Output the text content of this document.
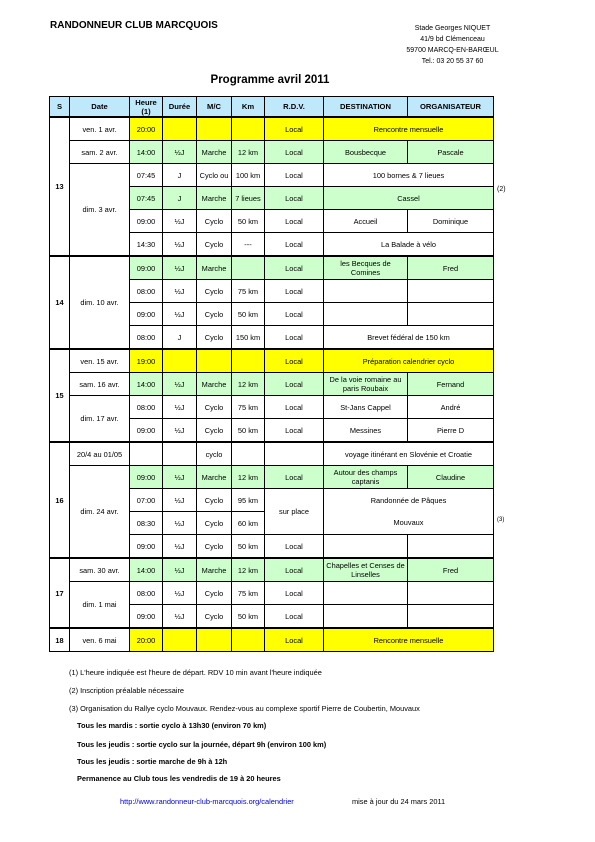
RANDONNEUR CLUB MARCQUOIS	Stade Georges NIQUET
41/9 bd Clémenceau
59700 MARCQ-EN-BARŒUL
Tel.: 03 20 55 37 60
Programme avril 2011
S	Date	Heure (1)	Durée	M/C	Km	R.D.V.	DESTINATION	ORGANISATEUR
13	ven. 1 avr.	20:00				Local	Rencontre mensuelle	
	sam. 2 avr.	14:00	½J	Marche	12 km	Local	Bousbecque	Pascale
	dim. 3 avr.	07:45	J	Cyclo ou	100 km	Local	100 bornes & 7 lieues	
		07:45	J	Marche	7 lieues	Local	Cassel	
		09:00	½J	Cyclo	50 km	Local	Accueil	Dominique
		14:30	½J	Cyclo	---	Local	La Balade à vélo	
14	dim. 10 avr.	09:00	½J	Marche		Local	les Becques de Comines	Fred
		08:00	½J	Cyclo	75 km	Local		
		09:00	½J	Cyclo	50 km	Local		
		08:00	J	Cyclo	150 km	Local	Brevet fédéral de 150 km	
15	ven. 15 avr.	19:00				Local	Préparation calendrier cyclo	
	sam. 16 avr.	14:00	½J	Marche	12 km	Local	De la voie romaine au paris Roubaix	Fernand
	dim. 17 avr.	08:00	½J	Cyclo	75 km	Local	St-Jans Cappel	André
		09:00	½J	Cyclo	50 km	Local	Messines	Pierre D
16	20/4 au 01/05			cyclo			voyage itinérant en Slovénie et Croatie	
	dim. 24 avr.	09:00	½J	Marche	12 km	Local	Autour des champs captanis	Claudine
		07:00	½J	Cyclo	95 km	sur place	Randonnée de Pâques	
		08:30	½J	Cyclo	60 km		Mouvaux	
		09:00	½J	Cyclo	50 km	Local		
17	sam. 30 avr.	14:00	½J	Marche	12 km	Local	Chapelles et Censes de Linselles	Fred
	dim. 1 mai	08:00	½J	Cyclo	75 km	Local		
		09:00	½J	Cyclo	50 km	Local		
18	ven. 6 mai	20:00				Local	Rencontre mensuelle	
(2)
(3)
(1) L'heure indiquée est l'heure de départ. RDV 10 min avant l'heure indiquée
(2) Inscription préalable nécessaire
(3) Organisation du Rallye cyclo Mouvaux. Rendez-vous au complexe sportif Pierre de Coubertin, Mouvaux
Tous les mardis : sortie cyclo à 13h30 (environ 70 km)
Tous les jeudis : sortie cyclo sur la journée, départ 9h (environ 100 km)
Tous les jeudis : sortie marche de 9h à 12h
Permanence au Club tous les vendredis de 19 à 20 heures
http://www.randonneur-club-marcquois.org/calendrier	mise à jour du 24 mars 2011
